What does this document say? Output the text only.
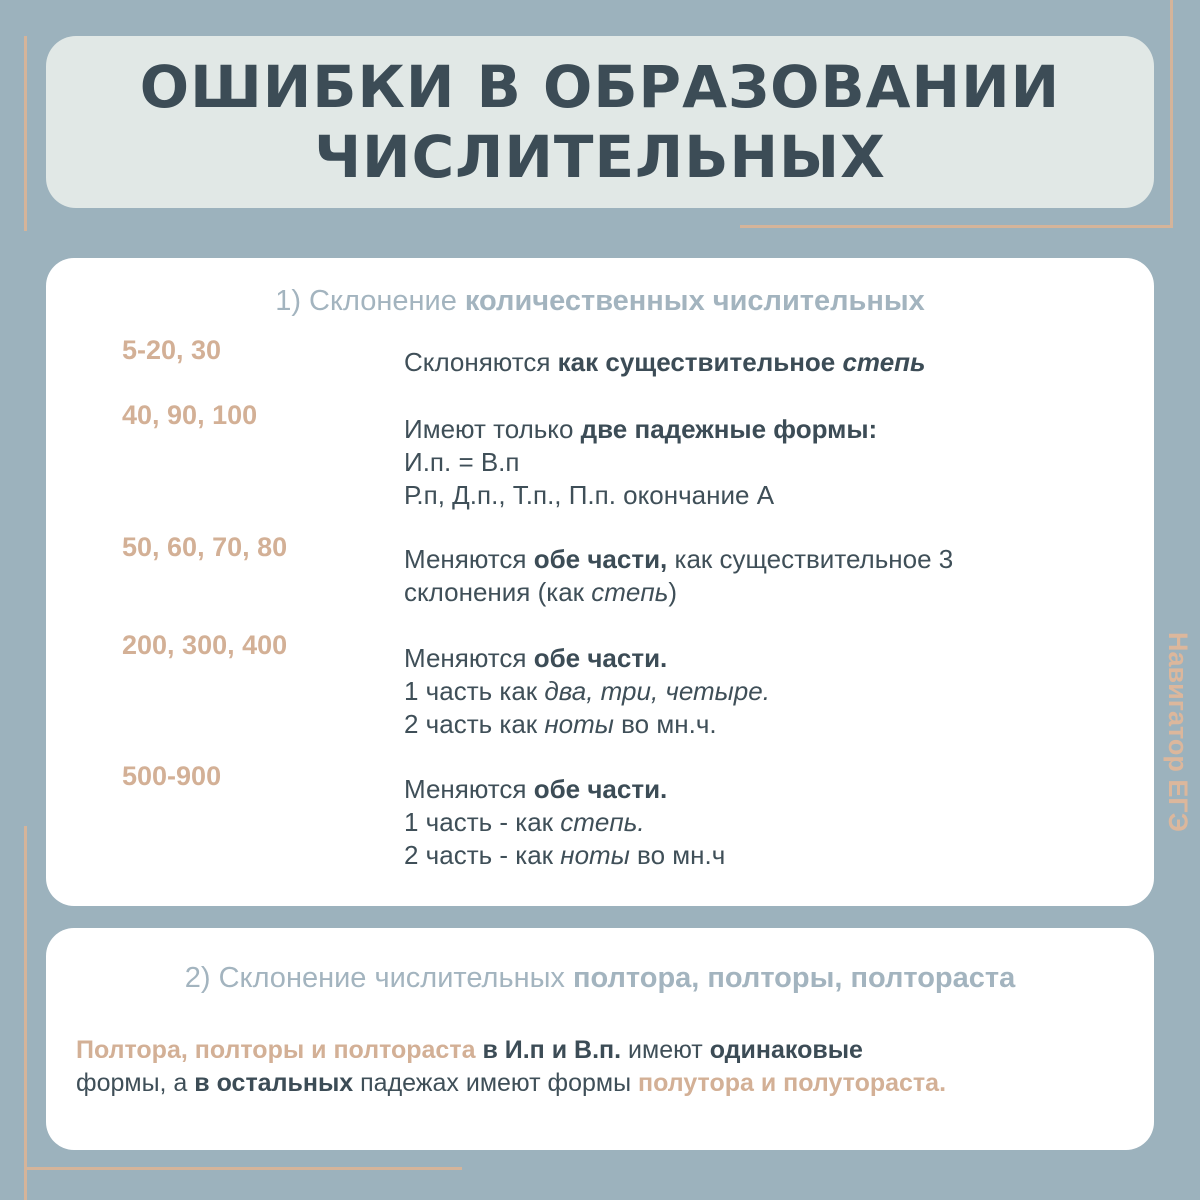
ОШИБКИ В ОБРАЗОВАНИИ
ЧИСЛИТЕЛЬНЫХ
1) Склонение количественных числительных
5-20, 30	Склоняются как существительное степь
40, 90, 100	Имеют только две падежные формы:
И.п. = В.п
Р.п, Д.п., Т.п., П.п. окончание А
50, 60, 70, 80	Меняются обе части, как существительное 3
склонения (как степь)
200, 300, 400	Меняются обе части.
1 часть как два, три, четыре.
2 часть как ноты во мн.ч.
500-900	Меняются обе части.
1 часть - как степь.
2 часть - как ноты во мн.ч
2) Склонение числительных полтора, полторы, полтораста
Полтора, полторы и полтораста в И.п и В.п. имеют одинаковые
формы, а в остальных падежах имеют формы полутора и полутораста.
Навигатор ЕГЭ
